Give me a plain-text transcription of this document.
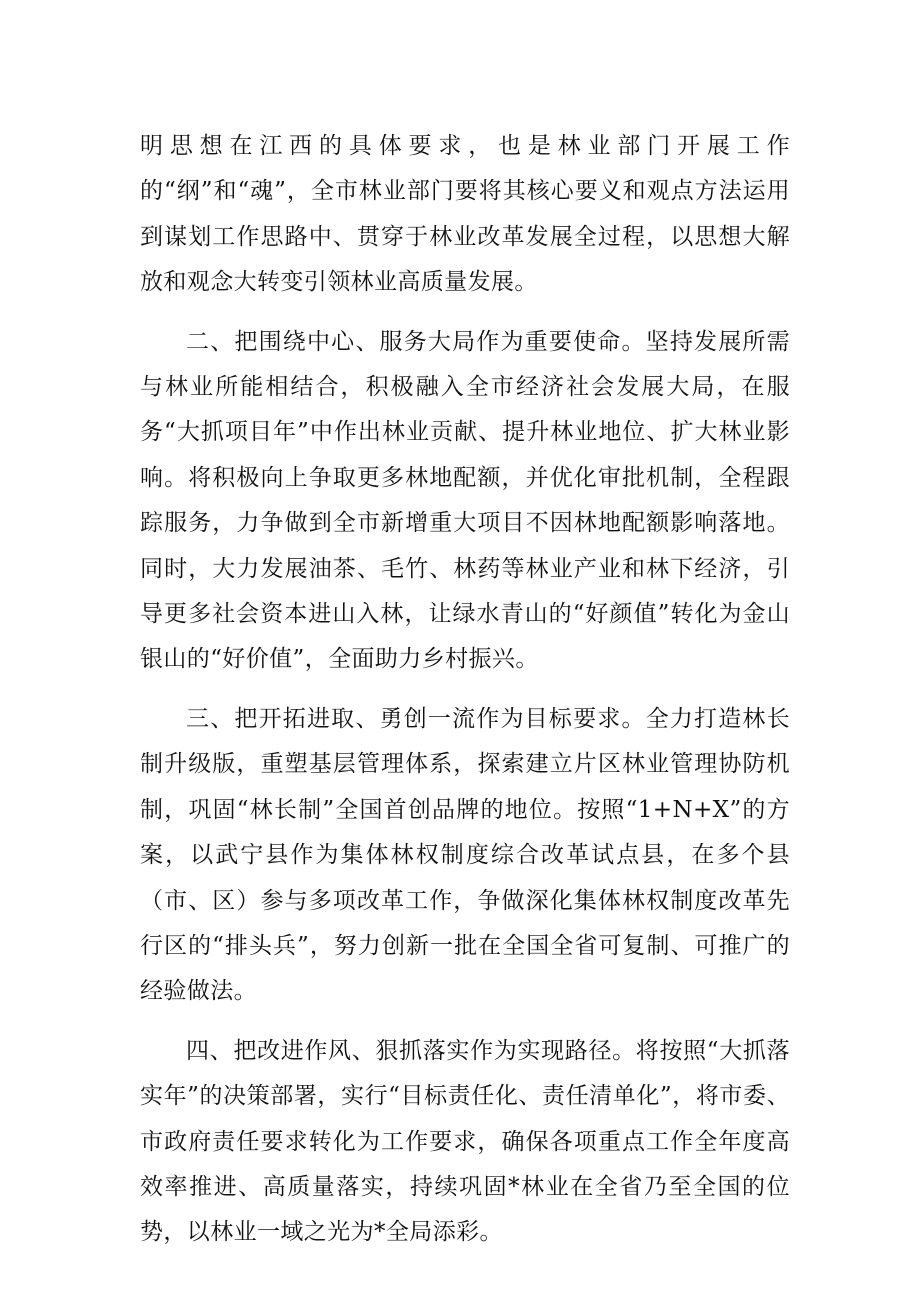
明思想在江西的具体要求，也是林业部门开展工作的“纲”和“魂”，全市林业部门要将其核心要义和观点方法运用到谋划工作思路中、贯穿于林业改革发展全过程，以思想大解放和观念大转变引领林业高质量发展。

二、把围绕中心、服务大局作为重要使命。坚持发展所需与林业所能相结合，积极融入全市经济社会发展大局，在服务“大抓项目年”中作出林业贡献、提升林业地位、扩大林业影响。将积极向上争取更多林地配额，并优化审批机制，全程跟踪服务，力争做到全市新增重大项目不因林地配额影响落地。同时，大力发展油茶、毛竹、林药等林业产业和林下经济，引导更多社会资本进山入林，让绿水青山的“好颜值”转化为金山银山的“好价值”，全面助力乡村振兴。

三、把开拓进取、勇创一流作为目标要求。全力打造林长制升级版，重塑基层管理体系，探索建立片区林业管理协防机制，巩固“林长制”全国首创品牌的地位。按照“1+N+X”的方案，以武宁县作为集体林权制度综合改革试点县，在多个县（市、区）参与多项改革工作，争做深化集体林权制度改革先行区的“排头兵”，努力创新一批在全国全省可复制、可推广的经验做法。

四、把改进作风、狠抓落实作为实现路径。将按照“大抓落实年”的决策部署，实行“目标责任化、责任清单化”，将市委、市政府责任要求转化为工作要求，确保各项重点工作全年度高效率推进、高质量落实，持续巩固*林业在全省乃至全国的位势，以林业一域之光为*全局添彩。
